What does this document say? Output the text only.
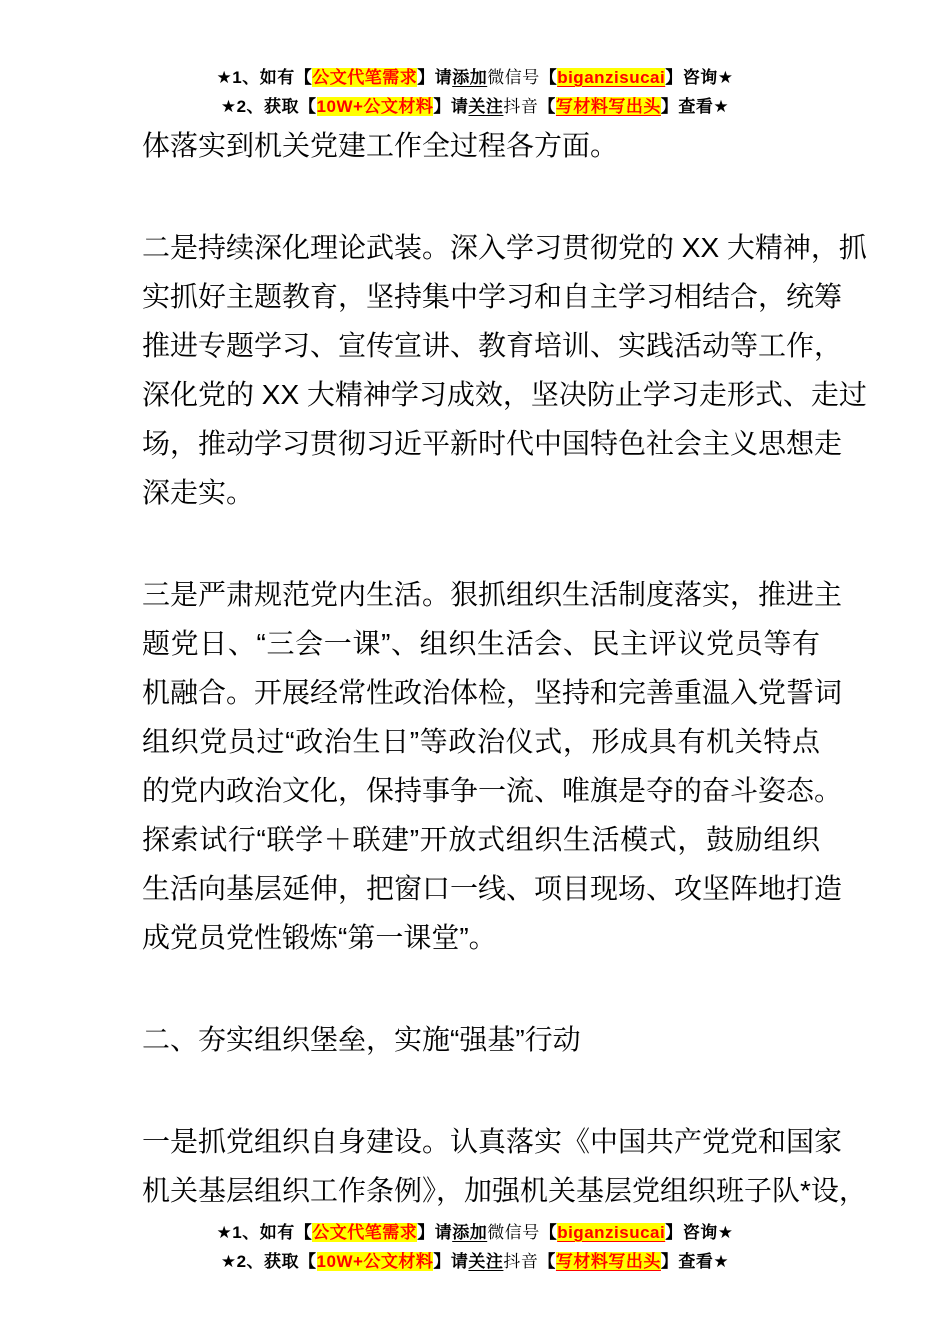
★1、如有【公文代笔需求】请添加微信号【biganzisucai】咨询★
★2、获取【10W+公文材料】请关注抖音【写材料写出头】查看★
体落实到机关党建工作全过程各方面。
二是持续深化理论武装。深入学习贯彻党的 XX 大精神，抓
实抓好主题教育，坚持集中学习和自主学习相结合，统筹
推进专题学习、宣传宣讲、教育培训、实践活动等工作，
深化党的 XX 大精神学习成效，坚决防止学习走形式、走过
场，推动学习贯彻习近平新时代中国特色社会主义思想走
深走实。
三是严肃规范党内生活。狠抓组织生活制度落实，推进主
题党日、“三会一课”、组织生活会、民主评议党员等有
机融合。开展经常性政治体检，坚持和完善重温入党誓词
组织党员过“政治生日”等政治仪式，形成具有机关特点
的党内政治文化，保持事争一流、唯旗是夺的奋斗姿态。
探索试行“联学＋联建”开放式组织生活模式，鼓励组织
生活向基层延伸，把窗口一线、项目现场、攻坚阵地打造
成党员党性锻炼“第一课堂”。
二、夯实组织堡垒，实施“强基”行动
一是抓党组织自身建设。认真落实《中国共产党党和国家
机关基层组织工作条例》，加强机关基层党组织班子队*设，
★1、如有【公文代笔需求】请添加微信号【biganzisucai】咨询★
★2、获取【10W+公文材料】请关注抖音【写材料写出头】查看★
